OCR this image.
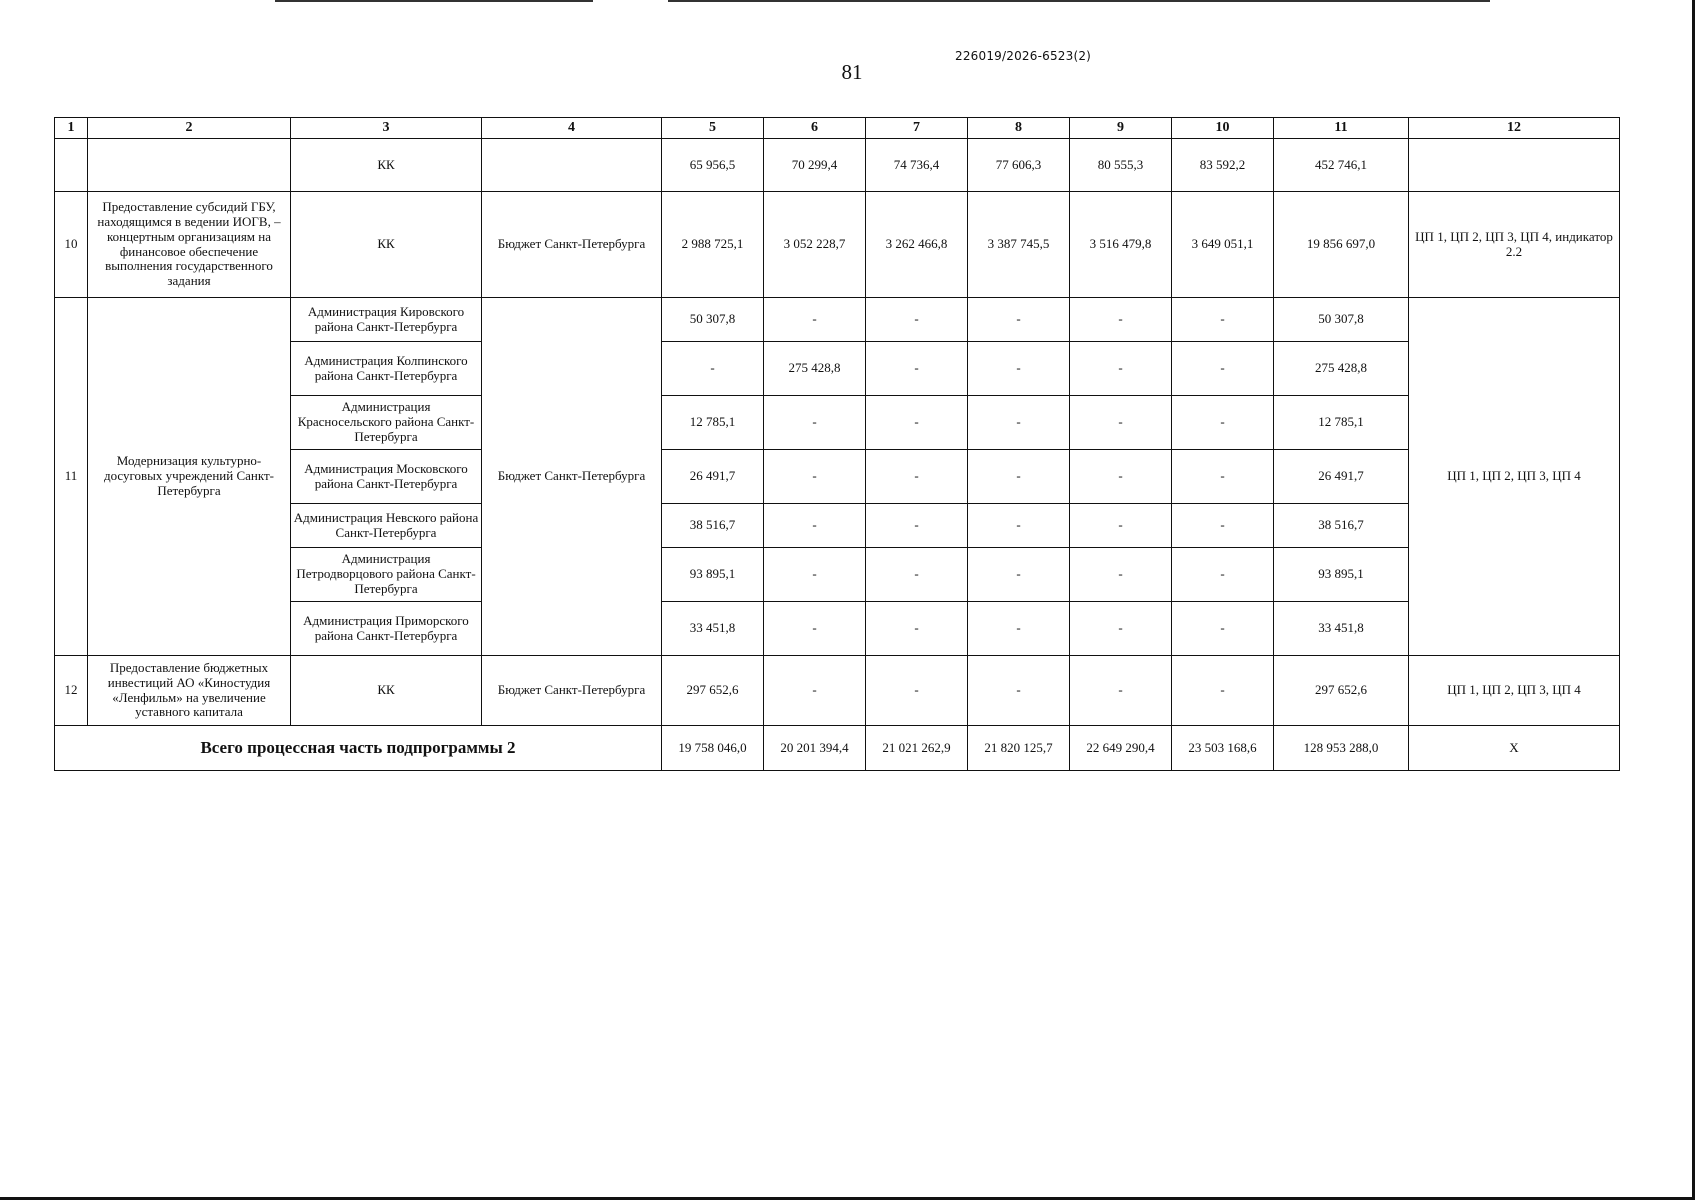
81
226019/2026-6523(2)
1	2	3	4	5	6	7	8	9	10	11	12
		КК		65 956,5	70 299,4	74 736,4	77 606,3	80 555,3	83 592,2	452 746,1	
10	Предоставление субсидий ГБУ, находящимся в ведении ИОГВ, – концертным организациям на финансовое обеспечение выполнения государственного задания	КК	Бюджет Санкт-Петербурга	2 988 725,1	3 052 228,7	3 262 466,8	3 387 745,5	3 516 479,8	3 649 051,1	19 856 697,0	ЦП 1, ЦП 2, ЦП 3, ЦП 4, индикатор 2.2
11	Модернизация культурно-досуговых учреждений Санкт-Петербурга	Администрация Кировского района Санкт-Петербурга	Бюджет Санкт-Петербурга	50 307,8	-	-	-	-	-	50 307,8	ЦП 1, ЦП 2, ЦП 3, ЦП 4
		Администрация Колпинского района Санкт-Петербурга		-	275 428,8	-	-	-	-	275 428,8	
		Администрация Красносельского района Санкт-Петербурга		12 785,1	-	-	-	-	-	12 785,1	
		Администрация Московского района Санкт-Петербурга		26 491,7	-	-	-	-	-	26 491,7	
		Администрация Невского района Санкт-Петербурга		38 516,7	-	-	-	-	-	38 516,7	
		Администрация Петродворцового района Санкт-Петербурга		93 895,1	-	-	-	-	-	93 895,1	
		Администрация Приморского района Санкт-Петербурга		33 451,8	-	-	-	-	-	33 451,8	
12	Предоставление бюджетных инвестиций АО «Киностудия «Ленфильм» на увеличение уставного капитала	КК	Бюджет Санкт-Петербурга	297 652,6	-	-	-	-	-	297 652,6	ЦП 1, ЦП 2, ЦП 3, ЦП 4
Всего процессная часть подпрограммы 2				19 758 046,0	20 201 394,4	21 021 262,9	21 820 125,7	22 649 290,4	23 503 168,6	128 953 288,0	X
